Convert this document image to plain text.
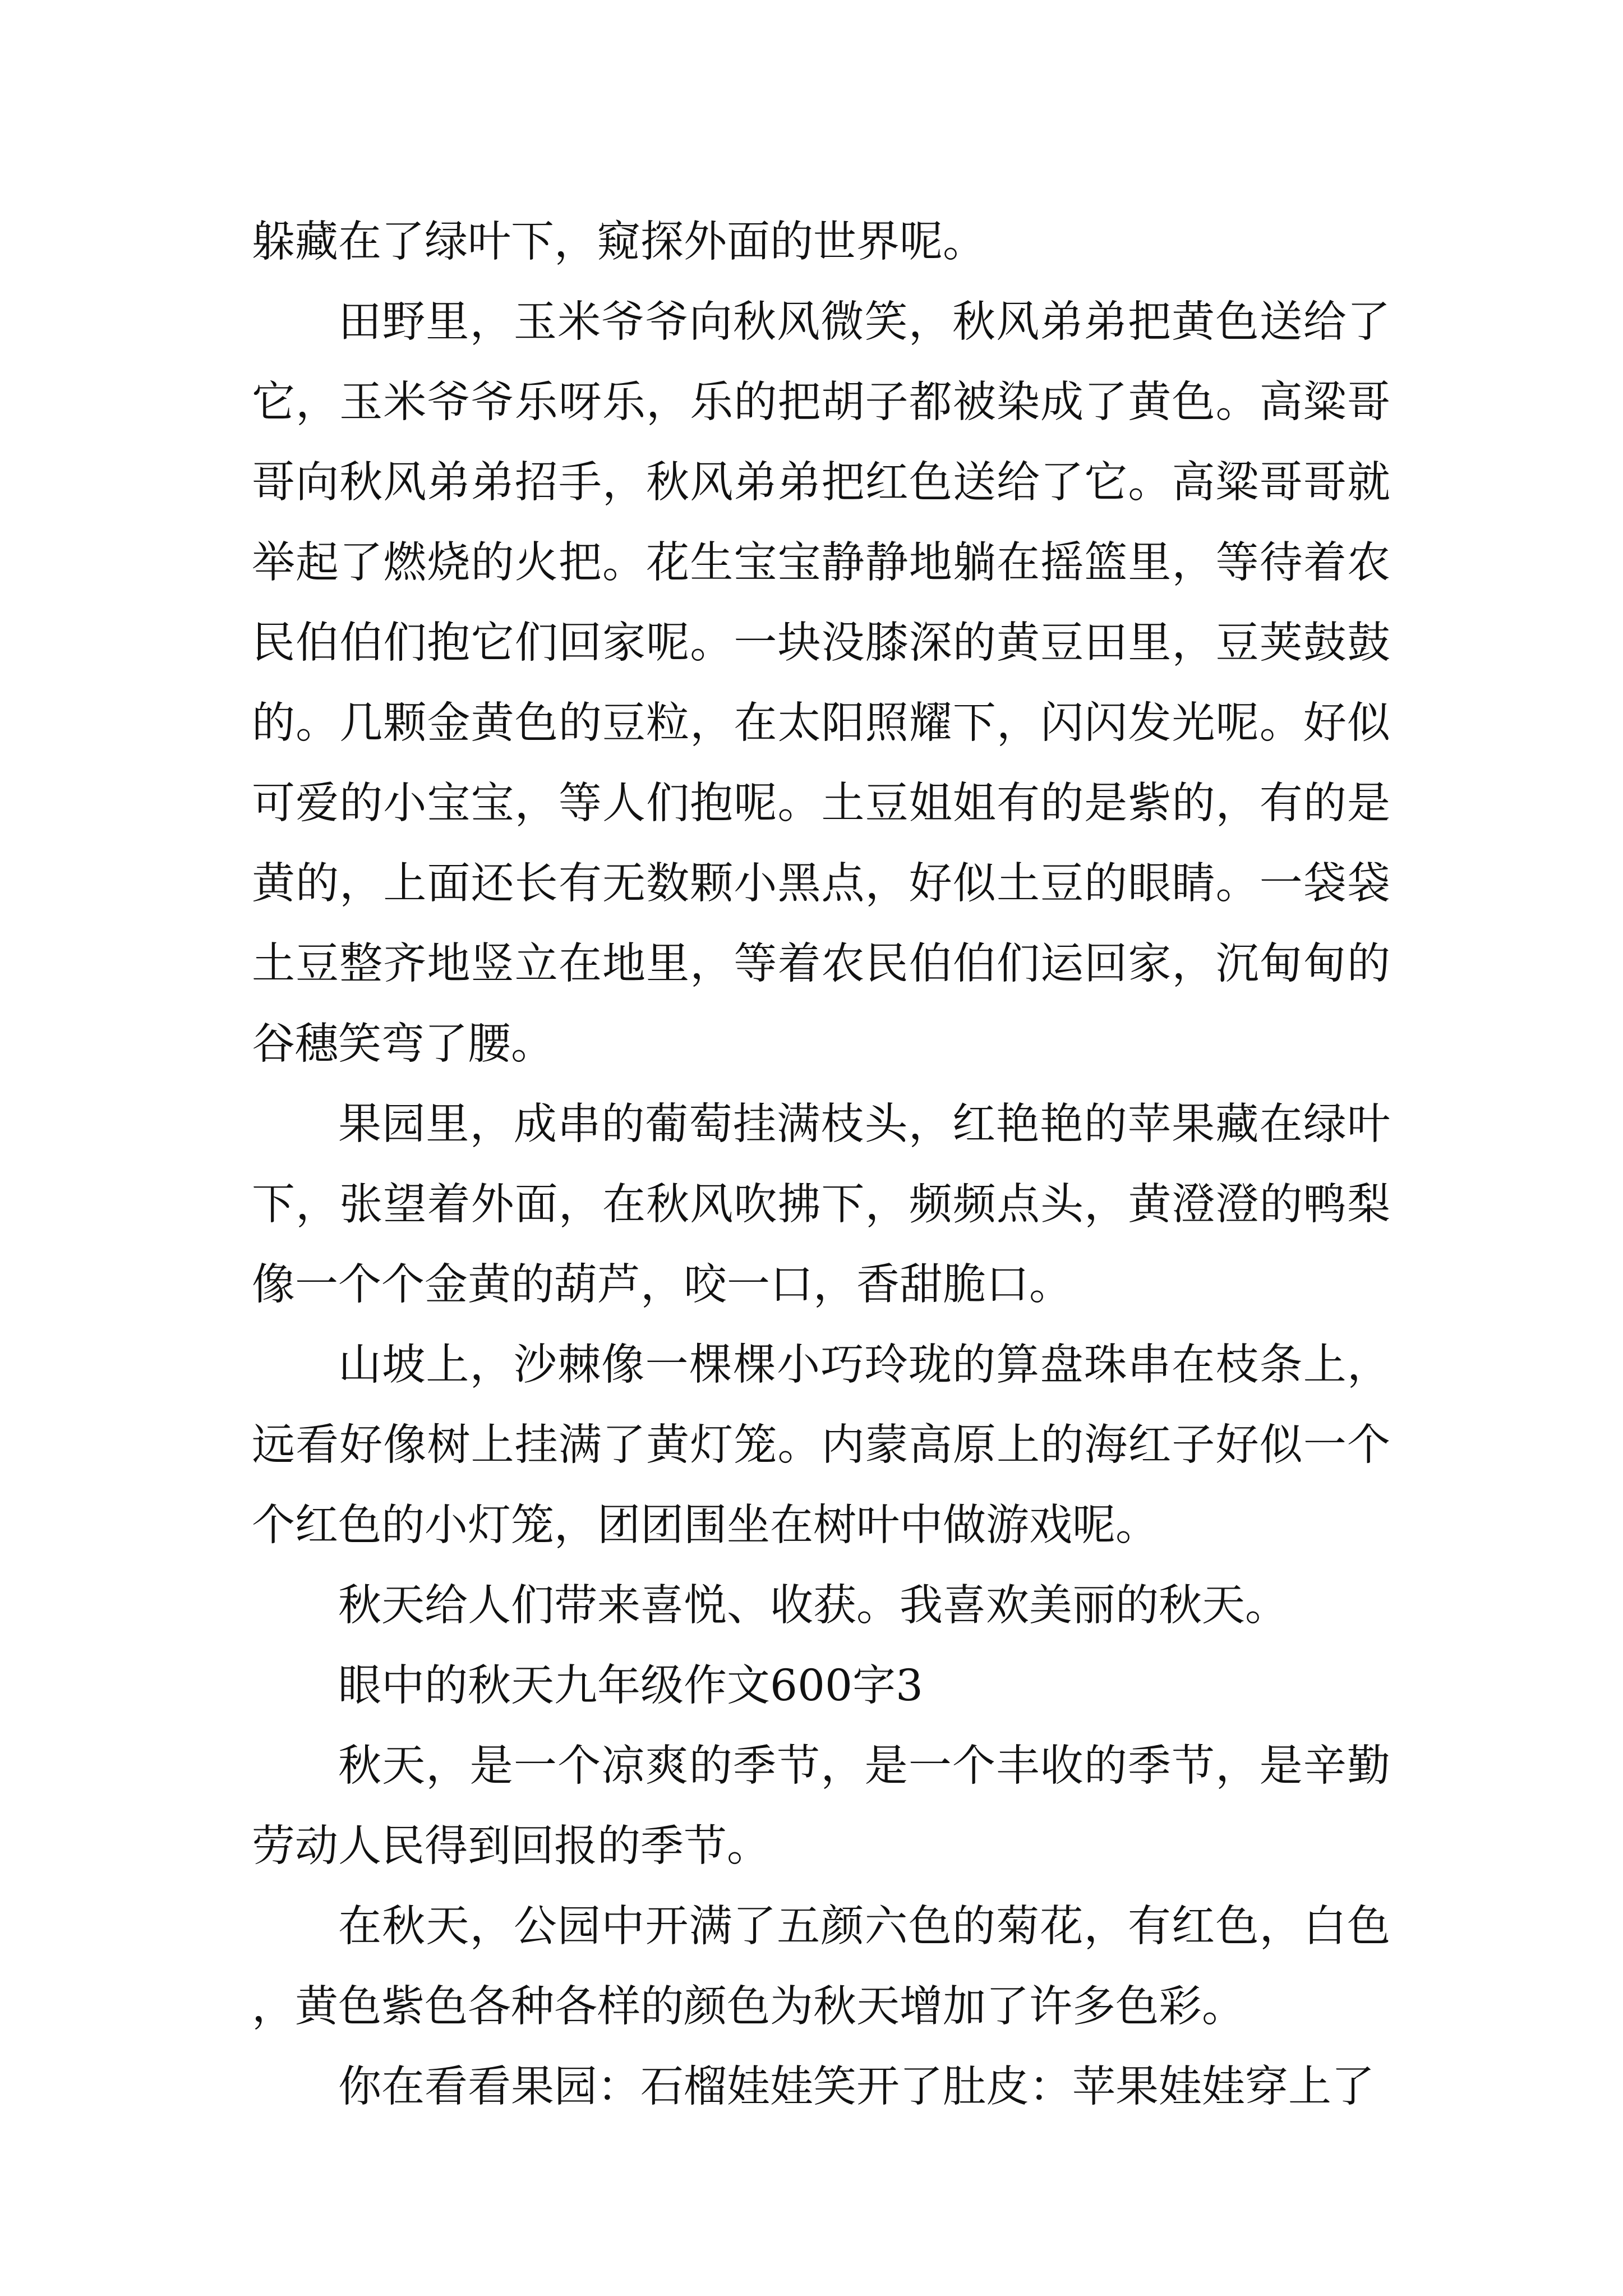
躲藏在了绿叶下，窥探外面的世界呢。

田野里，玉米爷爷向秋风微笑，秋风弟弟把黄色送给了它，玉米爷爷乐呀乐，乐的把胡子都被染成了黄色。高粱哥哥向秋风弟弟招手，秋风弟弟把红色送给了它。高粱哥哥就举起了燃烧的火把。花生宝宝静静地躺在摇篮里，等待着农民伯伯们抱它们回家呢。一块没膝深的黄豆田里，豆荚鼓鼓的。几颗金黄色的豆粒，在太阳照耀下，闪闪发光呢。好似可爱的小宝宝，等人们抱呢。土豆姐姐有的是紫的，有的是黄的，上面还长有无数颗小黑点，好似土豆的眼睛。一袋袋土豆整齐地竖立在地里，等着农民伯伯们运回家，沉甸甸的谷穗笑弯了腰。

果园里，成串的葡萄挂满枝头，红艳艳的苹果藏在绿叶下，张望着外面，在秋风吹拂下，频频点头，黄澄澄的鸭梨像一个个金黄的葫芦，咬一口，香甜脆口。

山坡上，沙棘像一棵棵小巧玲珑的算盘珠串在枝条上，远看好像树上挂满了黄灯笼。内蒙高原上的海红子好似一个个红色的小灯笼，团团围坐在树叶中做游戏呢。

秋天给人们带来喜悦、收获。我喜欢美丽的秋天。

眼中的秋天九年级作文600字3

秋天，是一个凉爽的季节，是一个丰收的季节，是辛勤劳动人民得到回报的季节。

在秋天，公园中开满了五颜六色的菊花，有红色，白色，黄色紫色各种各样的颜色为秋天增加了许多色彩。

你在看看果园：石榴娃娃笑开了肚皮：苹果娃娃穿上了
